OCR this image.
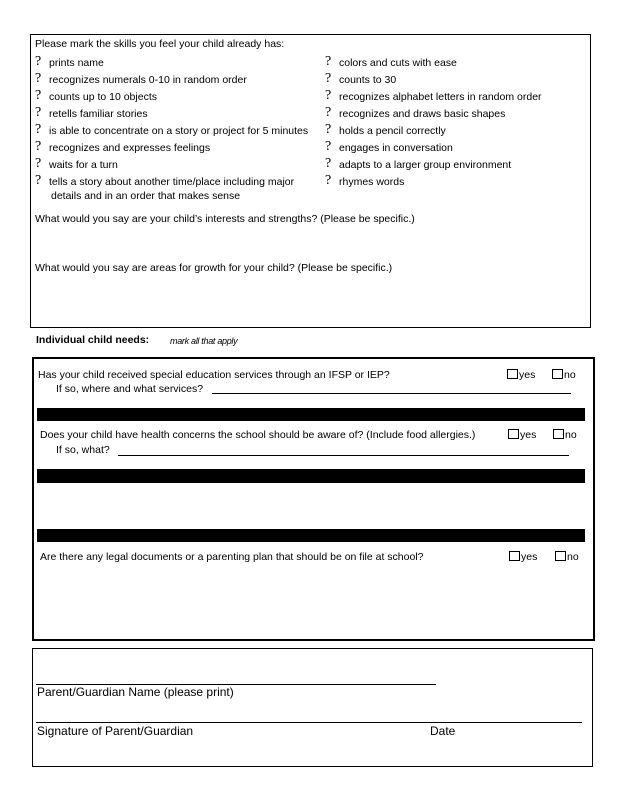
Please mark the skills you feel your child already has:
? prints name
? recognizes numerals 0-10 in random order
? counts up to 10 objects
? retells familiar stories
? is able to concentrate on a story or project for 5 minutes
? recognizes and expresses feelings
? waits for a turn
? tells a story about another time/place including major
details and in an order that makes sense
? colors and cuts with ease
? counts to 30
? recognizes alphabet letters in random order
? recognizes and draws basic shapes
? holds a pencil correctly
? engages in conversation
? adapts to a larger group environment
? rhymes words
What would you say are your child’s interests and strengths? (Please be specific.)
What would you say are areas for growth for your child? (Please be specific.)
Individual child needs: mark all that apply
Has your child received special education services through an IFSP or IEP?	yes	no
If so, where and what services?
Does your child have health concerns the school should be aware of? (Include food allergies.)	yes	no
If so, what?
Are there any legal documents or a parenting plan that should be on file at school?	yes	no
Parent/Guardian Name (please print)
Signature of Parent/Guardian	Date
